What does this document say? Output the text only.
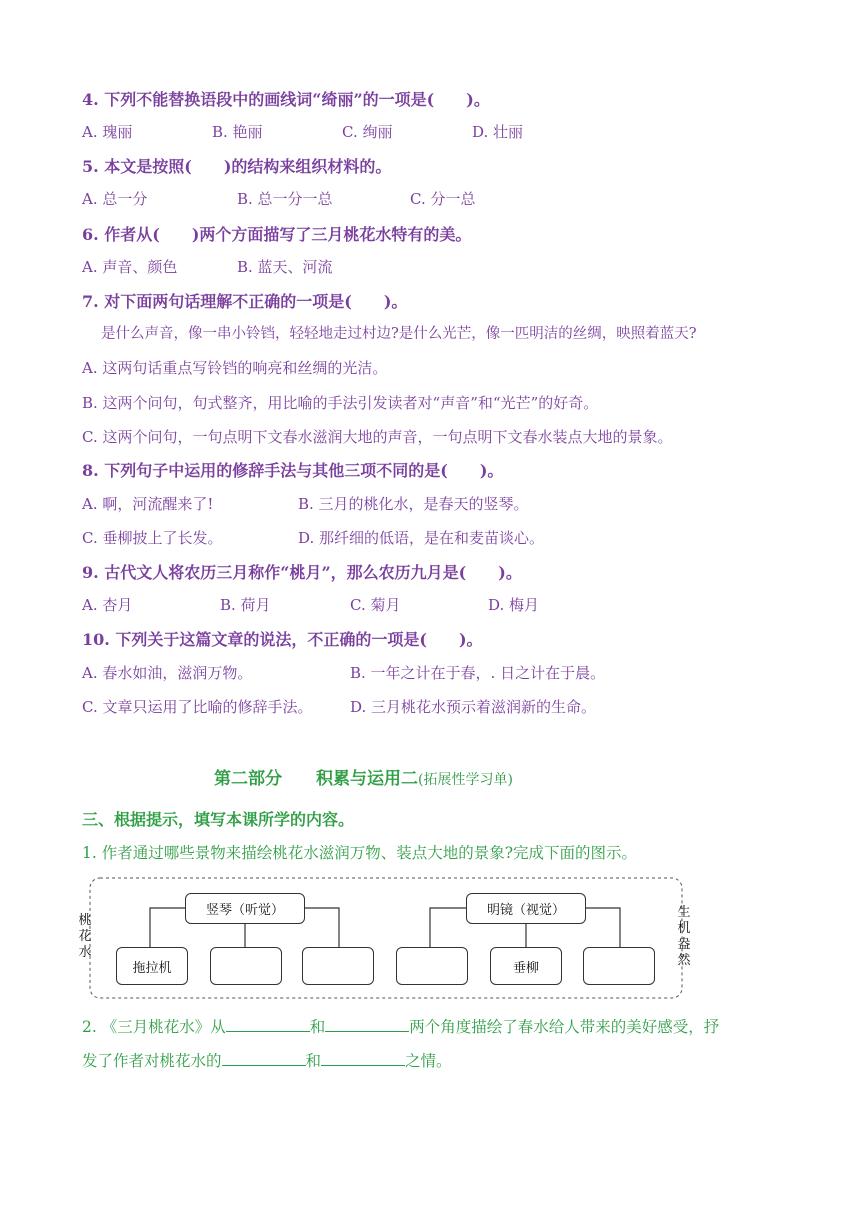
4. 下列不能替换语段中的画线词“绮丽”的一项是(　　)。
A. 瑰丽	B. 艳丽	C. 绚丽	D. 壮丽
5. 本文是按照(　　)的结构来组织材料的。
A. 总一分	B. 总一分一总	C. 分一总
6. 作者从(　　)两个方面描写了三月桃花水特有的美。
A. 声音、颜色	B. 蓝天、河流
7. 对下面两句话理解不正确的一项是(　　)。
是什么声音，像一串小铃铛，轻轻地走过村边?是什么光芒，像一匹明洁的丝绸，映照着蓝天?
A. 这两句话重点写铃铛的响亮和丝绸的光洁。
B. 这两个问句，句式整齐，用比喻的手法引发读者对“声音”和“光芒”的好奇。
C. 这两个问句，一句点明下文春水滋润大地的声音，一句点明下文春水装点大地的景象。
8. 下列句子中运用的修辞手法与其他三项不同的是(　　)。
A. 啊，河流醒来了!	B. 三月的桃化水，是春天的竖琴。
C. 垂柳披上了长发。	D. 那纤细的低语，是在和麦苗谈心。
9. 古代文人将农历三月称作“桃月”，那么农历九月是(　　)。
A. 杏月	B. 荷月	C. 菊月	D. 梅月
10. 下列关于这篇文章的说法，不正确的一项是(　　)。
A. 春水如油，滋润万物。	B. 一年之计在于春，. 日之计在于晨。
C. 文章只运用了比喻的修辞手法。	D. 三月桃花水预示着滋润新的生命。
第二部分　　积累与运用二(拓展性学习单)
三、根据提示，填写本课所学的内容。
1. 作者通过哪些景物来描绘桃花水滋润万物、装点大地的景象?完成下面的图示。
桃花水
生机盎然
竖琴（听觉）
拖拉机
明镜（视觉）
垂柳
2. 《三月桃花水》从	和	两个角度描绘了春水给人带来的美好感受，抒
发了作者对桃花水的	和	之情。
